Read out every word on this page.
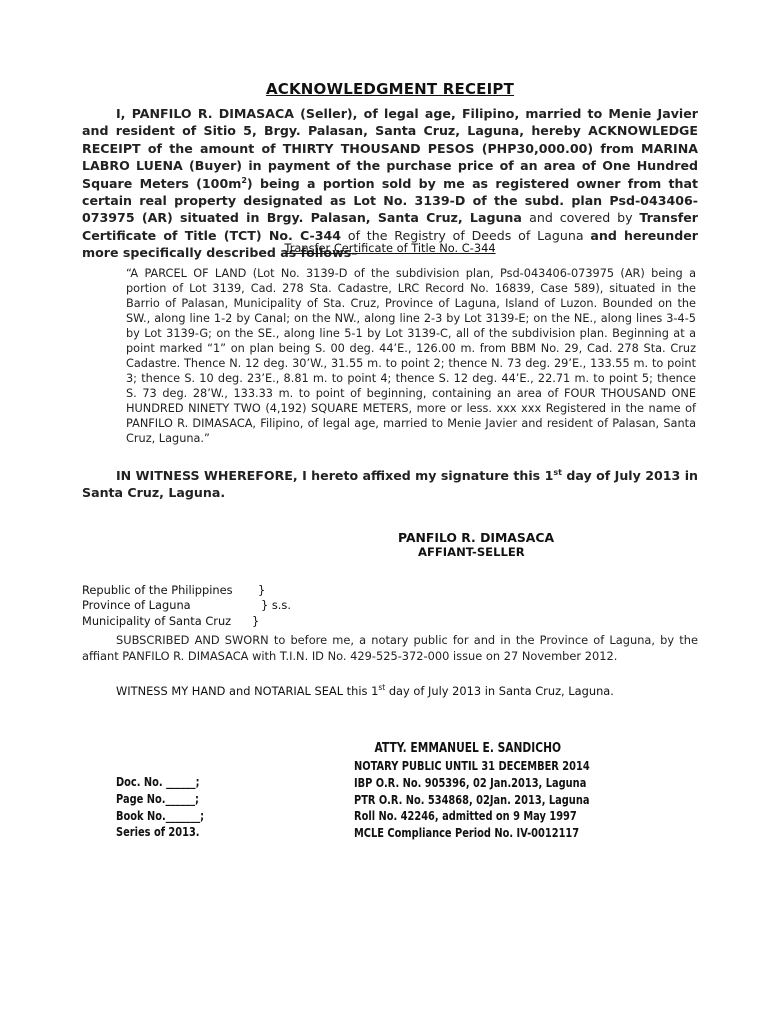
ACKNOWLEDGMENT RECEIPT
I, PANFILO R. DIMASACA (Seller), of legal age, Filipino, married to Menie Javier and resident of Sitio 5, Brgy. Palasan, Santa Cruz, Laguna, hereby ACKNOWLEDGE RECEIPT of the amount of THIRTY THOUSAND PESOS (PHP30,000.00) from MARINA LABRO LUENA (Buyer) in payment of the purchase price of an area of One Hundred Square Meters $(100m^2)$ being a portion sold by me as registered owner from that certain real property designated as Lot No. 3139-D of the subd. plan Psd-043406-073975 (AR) situated in Brgy. Palasan, Santa Cruz, Laguna and covered by Transfer Certificate of Title (TCT) No. C-344 of the Registry of Deeds of Laguna and hereunder more specifically described as follows–
Transfer Certificate of Title No. C-344
“A PARCEL OF LAND (Lot No. 3139-D of the subdivision plan, Psd-043406-073975 (AR) being a portion of Lot 3139, Cad. 278 Sta. Cadastre, LRC Record No. 16839, Case 589), situated in the Barrio of Palasan, Municipality of Sta. Cruz, Province of Laguna, Island of Luzon. Bounded on the SW., along line 1-2 by Canal; on the NW., along line 2-3 by Lot 3139-E; on the NE., along lines 3-4-5 by Lot 3139-G; on the SE., along line 5-1 by Lot 3139-C, all of the subdivision plan. Beginning at a point marked “1” on plan being S. 00 deg. 44’E., 126.00 m. from BBM No. 29, Cad. 278 Sta. Cruz Cadastre. Thence N. 12 deg. 30’W., 31.55 m. to point 2; thence N. 73 deg. 29’E., 133.55 m. to point 3; thence S. 10 deg. 23’E., 8.81 m. to point 4; thence S. 12 deg. 44’E., 22.71 m. to point 5; thence S. 73 deg. 28’W., 133.33 m. to point of beginning, containing an area of FOUR THOUSAND ONE HUNDRED NINETY TWO (4,192) SQUARE METERS, more or less. xxx xxx Registered in the name of PANFILO R. DIMASACA, Filipino, of legal age, married to Menie Javier and resident of Palasan, Santa Cruz, Laguna.”
IN WITNESS WHEREFORE, I hereto affixed my signature this 1st day of July 2013 in Santa Cruz, Laguna.
PANFILO R. DIMASACA
AFFIANT-SELLER
Republic of the Philippines }
Province of Laguna	} s.s.
Municipality of Santa Cruz }
SUBSCRIBED AND SWORN to before me, a notary public for and in the Province of Laguna, by the affiant PANFILO R. DIMASACA with T.I.N. ID No. 429-525-372-000 issue on 27 November 2012.
WITNESS MY HAND and NOTARIAL SEAL this 1st day of July 2013 in Santa Cruz, Laguna.
ATTY. EMMANUEL E. SANDICHO
NOTARY PUBLIC UNTIL 31 DECEMBER 2014
IBP O.R. No. 905396, 02 Jan.2013, Laguna
PTR O.R. No. 534868, 02Jan. 2013, Laguna
Roll No. 42246, admitted on 9 May 1997
MCLE Compliance Period No. IV-0012117
Doc. No. ______;
Page No.______;
Book No._______;
Series of 2013.
